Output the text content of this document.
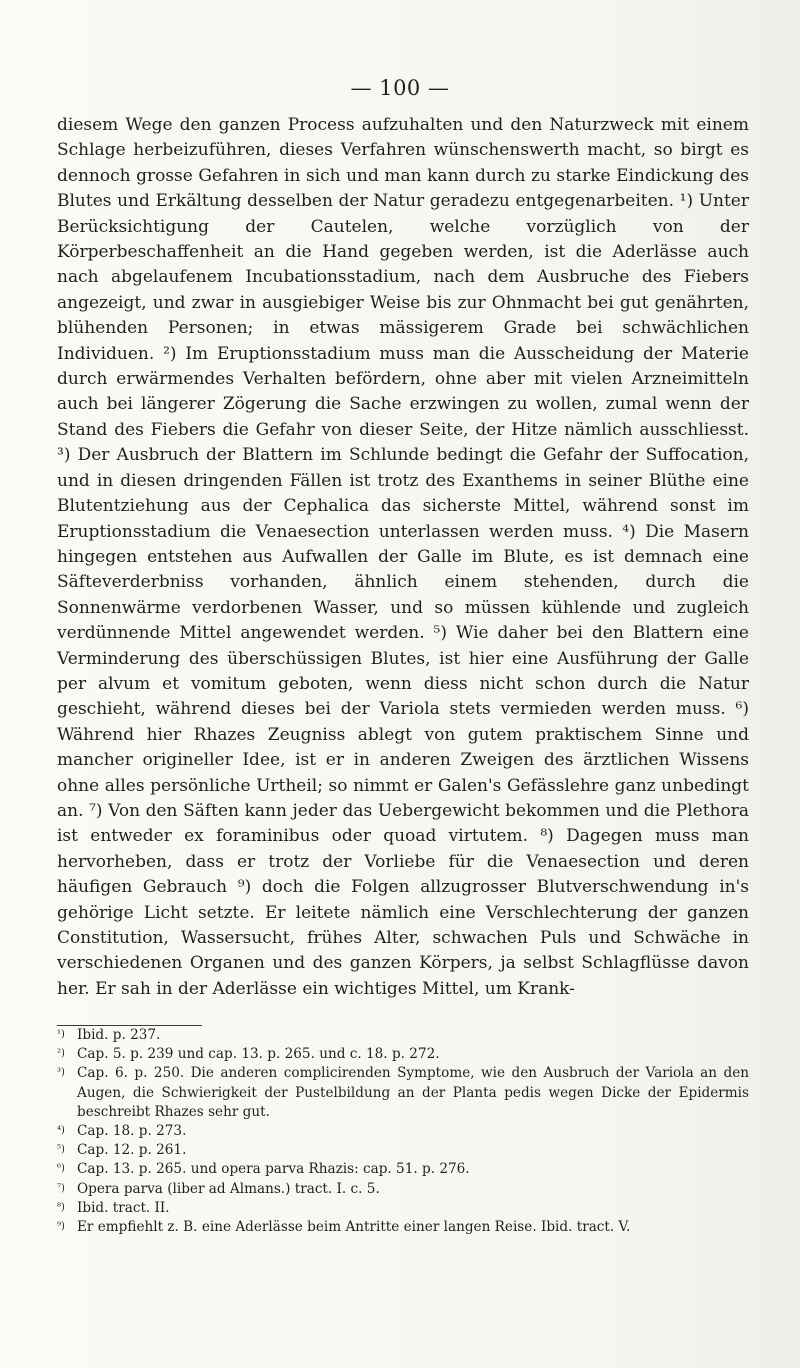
— 100 —

diesem Wege den ganzen Process aufzuhalten und den Naturzweck mit einem Schlage herbeizuführen, dieses Verfahren wünschenswerth macht, so birgt es dennoch grosse Gefahren in sich und man kann durch zu starke Eindickung des Blutes und Erkältung desselben der Natur geradezu entgegenarbeiten. ¹) Unter Berücksichtigung der Cautelen, welche vorzüglich von der Körperbeschaffenheit an die Hand gegeben werden, ist die Aderlässe auch nach abgelaufenem Incubationsstadium, nach dem Ausbruche des Fiebers angezeigt, und zwar in ausgiebiger Weise bis zur Ohnmacht bei gut genährten, blühenden Personen; in etwas mässigerem Grade bei schwächlichen Individuen. ²) Im Eruptionsstadium muss man die Ausscheidung der Materie durch erwärmendes Verhalten befördern, ohne aber mit vielen Arzneimitteln auch bei längerer Zögerung die Sache erzwingen zu wollen, zumal wenn der Stand des Fiebers die Gefahr von dieser Seite, der Hitze nämlich ausschliesst. ³) Der Ausbruch der Blattern im Schlunde bedingt die Gefahr der Suffocation, und in diesen dringenden Fällen ist trotz des Exanthems in seiner Blüthe eine Blutentziehung aus der Cephalica das sicherste Mittel, während sonst im Eruptionsstadium die Venaesection unterlassen werden muss. ⁴) Die Masern hingegen entstehen aus Aufwallen der Galle im Blute, es ist demnach eine Säfteverderbniss vorhanden, ähnlich einem stehenden, durch die Sonnenwärme verdorbenen Wasser, und so müssen kühlende und zugleich verdünnende Mittel angewendet werden. ⁵) Wie daher bei den Blattern eine Verminderung des überschüssigen Blutes, ist hier eine Ausführung der Galle per alvum et vomitum geboten, wenn diess nicht schon durch die Natur geschieht, während dieses bei der Variola stets vermieden werden muss. ⁶) Während hier Rhazes Zeugniss ablegt von gutem praktischem Sinne und mancher origineller Idee, ist er in anderen Zweigen des ärztlichen Wissens ohne alles persönliche Urtheil; so nimmt er Galen's Gefässlehre ganz unbedingt an. ⁷) Von den Säften kann jeder das Uebergewicht bekommen und die Plethora ist entweder ex foraminibus oder quoad virtutem. ⁸) Dagegen muss man hervorheben, dass er trotz der Vorliebe für die Venaesection und deren häufigen Gebrauch ⁹) doch die Folgen allzugrosser Blutverschwendung in's gehörige Licht setzte. Er leitete nämlich eine Verschlechterung der ganzen Constitution, Wassersucht, frühes Alter, schwachen Puls und Schwäche in verschiedenen Organen und des ganzen Körpers, ja selbst Schlagflüsse davon her. Er sah in der Aderlässe ein wichtiges Mittel, um Krank-

¹) Ibid. p. 237.
²) Cap. 5. p. 239 und cap. 13. p. 265. und c. 18. p. 272.
³) Cap. 6. p. 250. Die anderen complicirenden Symptome, wie den Ausbruch der Variola an den Augen, die Schwierigkeit der Pustelbildung an der Planta pedis wegen Dicke der Epidermis beschreibt Rhazes sehr gut.
⁴) Cap. 18. p. 273.
⁵) Cap. 12. p. 261.
⁶) Cap. 13. p. 265. und opera parva Rhazis: cap. 51. p. 276.
⁷) Opera parva (liber ad Almans.) tract. I. c. 5.
⁸) Ibid. tract. II.
⁹) Er empfiehlt z. B. eine Aderlässe beim Antritte einer langen Reise. Ibid. tract. V.
